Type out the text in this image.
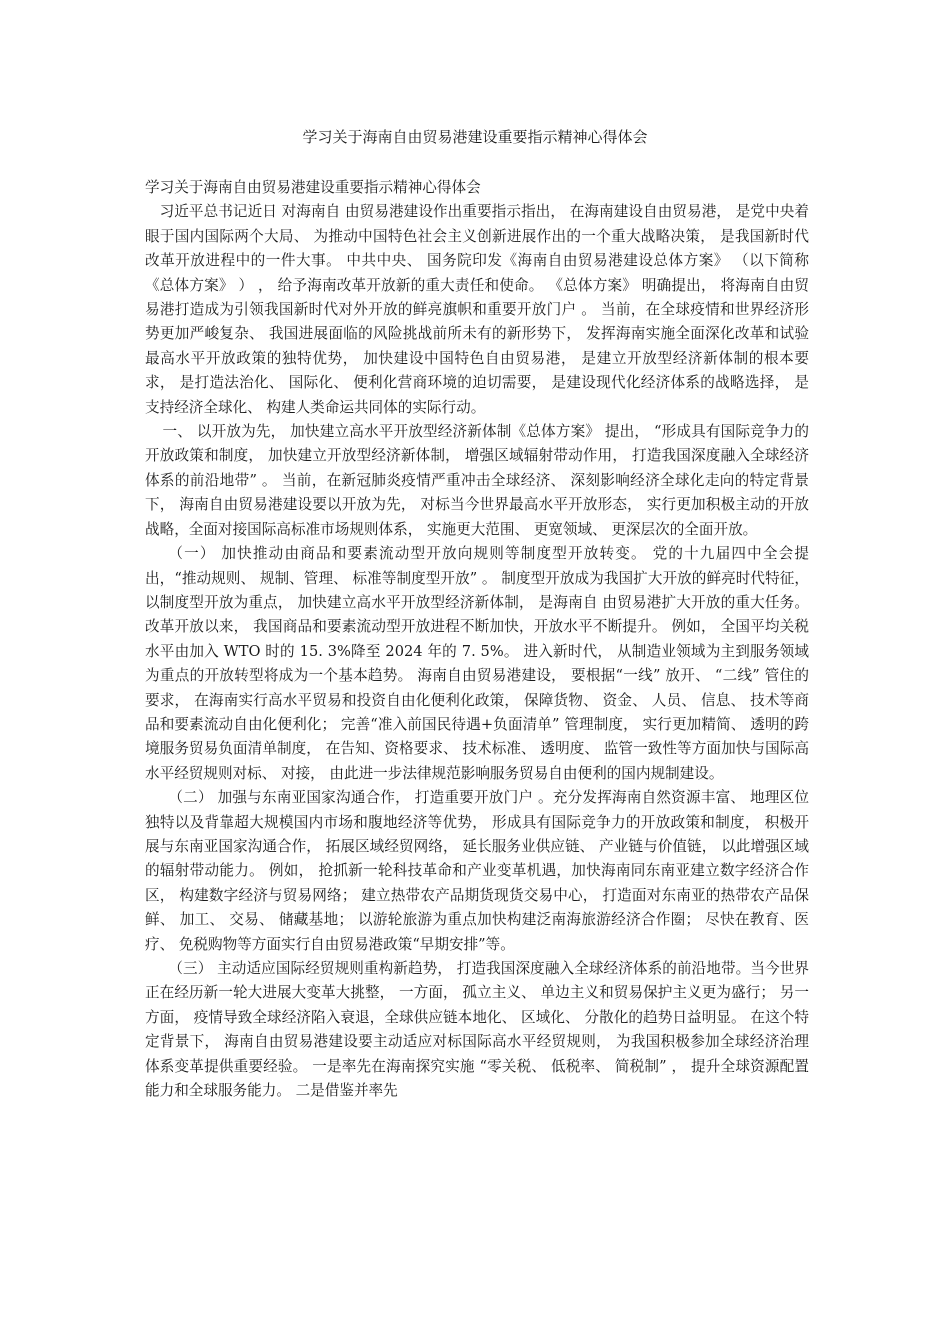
学习关于海南自由贸易港建设重要指示精神心得体会

学习关于海南自由贸易港建设重要指示精神心得体会

习近平总书记近日 对海南自 由贸易港建设作出重要指示指出， 在海南建设自由贸易港， 是党中央着眼于国内国际两个大局、 为推动中国特色社会主义创新进展作出的一个重大战略决策， 是我国新时代改革开放进程中的一件大事。 中共中央、 国务院印发《海南自由贸易港建设总体方案》 （以下简称《总体方案》 ） ， 给予海南改革开放新的重大责任和使命。 《总体方案》 明确提出， 将海南自由贸易港打造成为引领我国新时代对外开放的鲜亮旗帜和重要开放门户 。 当前，在全球疫情和世界经济形势更加严峻复杂、 我国进展面临的风险挑战前所未有的新形势下， 发挥海南实施全面深化改革和试验最高水平开放政策的独特优势， 加快建设中国特色自由贸易港， 是建立开放型经济新体制的根本要求， 是打造法治化、 国际化、 便利化营商环境的迫切需要， 是建设现代化经济体系的战略选择， 是支持经济全球化、 构建人类命运共同体的实际行动。

一、 以开放为先， 加快建立高水平开放型经济新体制《总体方案》 提出， “形成具有国际竞争力的开放政策和制度， 加快建立开放型经济新体制， 增强区域辐射带动作用， 打造我国深度融入全球经济体系的前沿地带” 。 当前，在新冠肺炎疫情严重冲击全球经济、 深刻影响经济全球化走向的特定背景下， 海南自由贸易港建设要以开放为先， 对标当今世界最高水平开放形态， 实行更加积极主动的开放战略，全面对接国际高标准市场规则体系， 实施更大范围、 更宽领域、 更深层次的全面开放。

（一） 加快推动由商品和要素流动型开放向规则等制度型开放转变。 党的十九届四中全会提出，“推动规则、 规制、管理、 标准等制度型开放” 。 制度型开放成为我国扩大开放的鲜亮时代特征， 以制度型开放为重点， 加快建立高水平开放型经济新体制， 是海南自 由贸易港扩大开放的重大任务。改革开放以来， 我国商品和要素流动型开放进程不断加快，开放水平不断提升。 例如， 全国平均关税水平由加入 WTO 时的 15. 3%降至 2024 年的 7. 5%。 进入新时代， 从制造业领域为主到服务领域为重点的开放转型将成为一个基本趋势。 海南自由贸易港建设， 要根据“一线” 放开、 “二线” 管住的要求， 在海南实行高水平贸易和投资自由化便利化政策， 保障货物、 资金、 人员、 信息、 技术等商品和要素流动自由化便利化； 完善“准入前国民待遇+负面清单” 管理制度， 实行更加精简、 透明的跨境服务贸易负面清单制度， 在告知、资格要求、 技术标准、 透明度、 监管一致性等方面加快与国际高水平经贸规则对标、 对接， 由此进一步法律规范影响服务贸易自由便利的国内规制建设。

（二） 加强与东南亚国家沟通合作， 打造重要开放门户 。充分发挥海南自然资源丰富、 地理区位独特以及背靠超大规模国内市场和腹地经济等优势， 形成具有国际竞争力的开放政策和制度， 积极开展与东南亚国家沟通合作， 拓展区域经贸网络， 延长服务业供应链、 产业链与价值链， 以此增强区域的辐射带动能力。 例如， 抢抓新一轮科技革命和产业变革机遇，加快海南同东南亚建立数字经济合作区， 构建数字经济与贸易网络； 建立热带农产品期货现货交易中心， 打造面对东南亚的热带农产品保鲜、 加工、 交易、 储藏基地； 以游轮旅游为重点加快构建泛南海旅游经济合作圈； 尽快在教育、医疗、 免税购物等方面实行自由贸易港政策“早期安排”等。

（三） 主动适应国际经贸规则重构新趋势， 打造我国深度融入全球经济体系的前沿地带。当今世界正在经历新一轮大进展大变革大挑整， 一方面， 孤立主义、 单边主义和贸易保护主义更为盛行； 另一方面， 疫情导致全球经济陷入衰退，全球供应链本地化、 区域化、 分散化的趋势日益明显。 在这个特定背景下， 海南自由贸易港建设要主动适应对标国际高水平经贸规则， 为我国积极参加全球经济治理体系变革提供重要经验。 一是率先在海南探究实施 “零关税、 低税率、 简税制” ， 提升全球资源配置能力和全球服务能力。 二是借鉴并率先
